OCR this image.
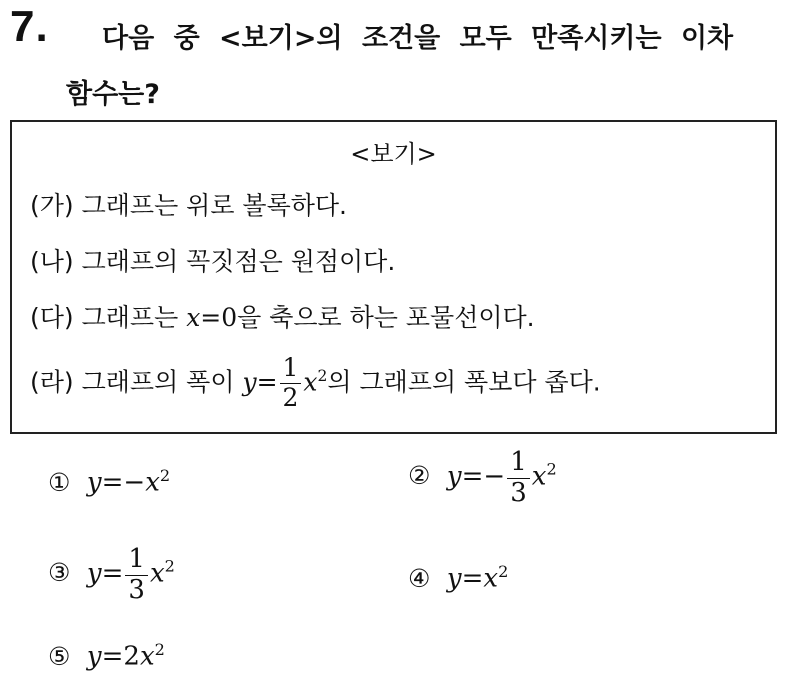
7. 다음 중 <보기>의 조건을 모두 만족시키는 이차
함수는?
<보기>
(가) 그래프는 위로 볼록하다.
(나) 그래프의 꼭짓점은 원점이다.
(다) 그래프는 x=0을 축으로 하는 포물선이다.
(라) 그래프의 폭이 $y= \frac{1}{2} x^2$의 그래프의 폭보다 좁다.
① $y=-x^2$	② $y=- \frac{1}{3} x^2$
③ $y= \frac{1}{3} x^2$	④ $y=x^2$
⑤ $y=2x^2$
